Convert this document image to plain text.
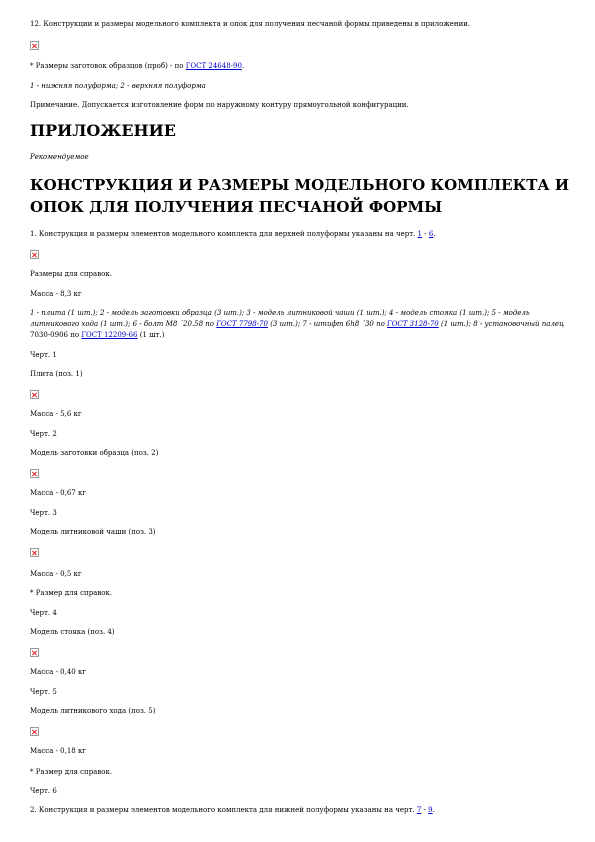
12. Конструкции и размеры модельного комплекта и опок для получения песчаной формы приведены в приложении.
* Размеры заготовок образцов (проб) - по ГОСТ 24648-90.
1 - нижняя полуформа; 2 - верхняя полуформа
Примечание. Допускается изготовление форм по наружному контуру прямоугольной конфигурации.
ПРИЛОЖЕНИЕ
Рекомендуемое
КОНСТРУКЦИЯ И РАЗМЕРЫ МОДЕЛЬНОГО КОМПЛЕКТА И ОПОК ДЛЯ ПОЛУЧЕНИЯ ПЕСЧАНОЙ ФОРМЫ
1. Конструкция и размеры элементов модельного комплекта для верхней полуформы указаны на черт. 1 - 6.
Размеры для справок.
Масса - 8,3 кг
1 - плита (1 шт.); 2 - модель заготовки образца (3 шт.); 3 - модель литниковой чаши (1 шт.); 4 - модель стояка (1 шт.); 5 - модель
литникового хода (1 шт.); 6 - болт М8 ´20.58 по ГОСТ 7798-70 (3 шт.); 7 - штифт 6h8 ´30 по ГОСТ 3128-70 (1 шт.); 8 - установочный палец
7030-0906 по ГОСТ 12209-66 (1 шт.)
Черт. 1
Плита (поз. 1)
Масса - 5,6 кг
Черт. 2
Модель заготовки образца (поз. 2)
Масса - 0,67 кг
Черт. 3
Модель литниковой чаши (поз. 3)
Масса - 0,5 кг
* Размер для справок.
Черт. 4
Модель стояка (поз. 4)
Масса - 0,40 кг
Черт. 5
Модель литникового хода (поз. 5)
Масса - 0,18 кг
* Размер для справок.
Черт. 6
2. Конструкция и размеры элементов модельного комплекта для нижней полуформы указаны на черт. 7 - 9.
